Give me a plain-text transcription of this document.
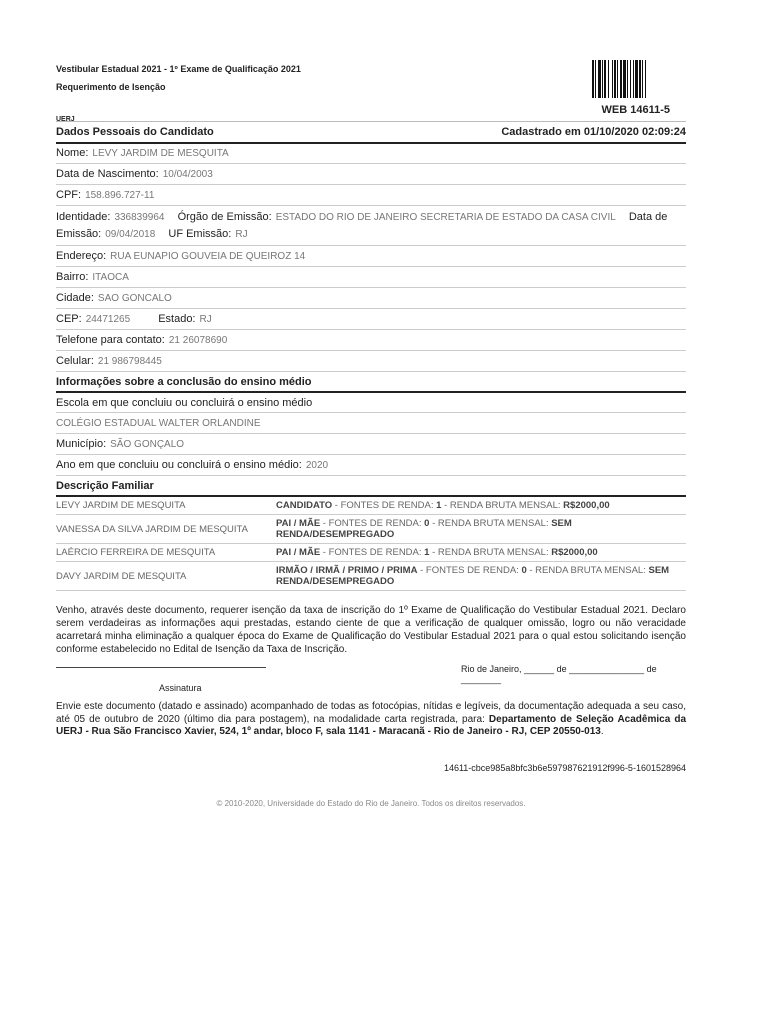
Vestibular Estadual 2021 - 1º Exame de Qualificação 2021
Requerimento de Isenção
WEB 14611-5
UERJ
Dados Pessoais do Candidato	Cadastrado em 01/10/2020 02:09:24
Nome: LEVY JARDIM DE MESQUITA
Data de Nascimento: 10/04/2003
CPF: 158.896.727-11
Identidade: 336839964 Órgão de Emissão: ESTADO DO RIO DE JANEIRO SECRETARIA DE ESTADO DA CASA CIVIL Data de Emissão: 09/04/2018 UF Emissão: RJ
Endereço: RUA EUNAPIO GOUVEIA DE QUEIROZ 14
Bairro: ITAOCA
Cidade: SAO GONCALO
CEP: 24471265	Estado: RJ
Telefone para contato: 21 26078690
Celular: 21 986798445
Informações sobre a conclusão do ensino médio
Escola em que concluiu ou concluirá o ensino médio
COLÉGIO ESTADUAL WALTER ORLANDINE
Município: SÃO GONÇALO
Ano em que concluiu ou concluirá o ensino médio: 2020
Descrição Familiar
LEVY JARDIM DE MESQUITA	CANDIDATO - FONTES DE RENDA: 1 - RENDA BRUTA MENSAL: R$2000,00
VANESSA DA SILVA JARDIM DE MESQUITA	PAI / MÃE - FONTES DE RENDA: 0 - RENDA BRUTA MENSAL: SEM RENDA/DESEMPREGADO
LAÉRCIO FERREIRA DE MESQUITA	PAI / MÃE - FONTES DE RENDA: 1 - RENDA BRUTA MENSAL: R$2000,00
DAVY JARDIM DE MESQUITA	IRMÃO / IRMÃ / PRIMO / PRIMA - FONTES DE RENDA: 0 - RENDA BRUTA MENSAL: SEM RENDA/DESEMPREGADO
Venho, através deste documento, requerer isenção da taxa de inscrição do 1º Exame de Qualificação do Vestibular Estadual 2021. Declaro serem verdadeiras as informações aqui prestadas, estando ciente de que a verificação de qualquer omissão, logro ou não veracidade acarretará minha eliminação a qualquer época do Exame de Qualificação do Vestibular Estadual 2021 para o qual estou solicitando isenção conforme estabelecido no Edital de Isenção da Taxa de Inscrição.
Rio de Janeiro, ______ de _______________ de ________
Assinatura
Envie este documento (datado e assinado) acompanhado de todas as fotocópias, nítidas e legíveis, da documentação adequada a seu caso, até 05 de outubro de 2020 (último dia para postagem), na modalidade carta registrada, para: Departamento de Seleção Acadêmica da UERJ - Rua São Francisco Xavier, 524, 1º andar, bloco F, sala 1141 - Maracanã - Rio de Janeiro - RJ, CEP 20550-013.
14611-cbce985a8bfc3b6e597987621912f996-5-1601528964
© 2010-2020, Universidade do Estado do Rio de Janeiro. Todos os direitos reservados.
